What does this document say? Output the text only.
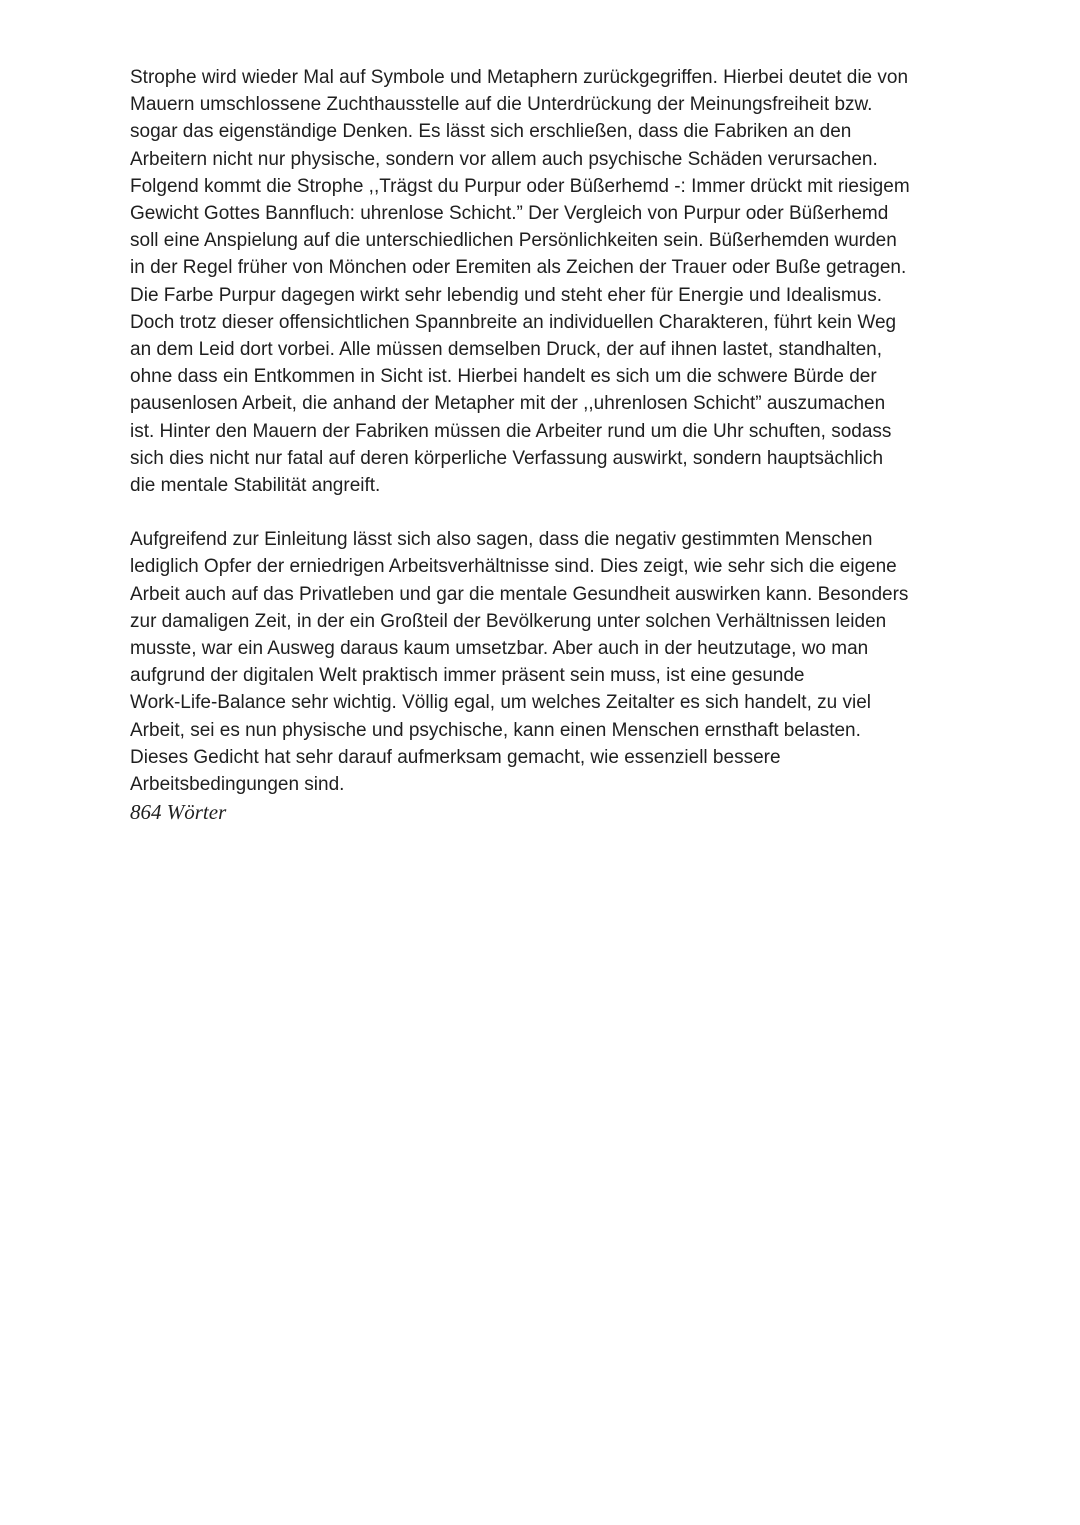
Strophe wird wieder Mal auf Symbole und Metaphern zurückgegriffen. Hierbei deutet die von
Mauern umschlossene Zuchthausstelle auf die Unterdrückung der Meinungsfreiheit bzw.
sogar das eigenständige Denken. Es lässt sich erschließen, dass die Fabriken an den
Arbeitern nicht nur physische, sondern vor allem auch psychische Schäden verursachen.
Folgend kommt die Strophe ,,Trägst du Purpur oder Büßerhemd -: Immer drückt mit riesigem
Gewicht Gottes Bannfluch: uhrenlose Schicht.” Der Vergleich von Purpur oder Büßerhemd
soll eine Anspielung auf die unterschiedlichen Persönlichkeiten sein. Büßerhemden wurden
in der Regel früher von Mönchen oder Eremiten als Zeichen der Trauer oder Buße getragen.
Die Farbe Purpur dagegen wirkt sehr lebendig und steht eher für Energie und Idealismus.
Doch trotz dieser offensichtlichen Spannbreite an individuellen Charakteren, führt kein Weg
an dem Leid dort vorbei. Alle müssen demselben Druck, der auf ihnen lastet, standhalten,
ohne dass ein Entkommen in Sicht ist. Hierbei handelt es sich um die schwere Bürde der
pausenlosen Arbeit, die anhand der Metapher mit der ,,uhrenlosen Schicht” auszumachen
ist. Hinter den Mauern der Fabriken müssen die Arbeiter rund um die Uhr schuften, sodass
sich dies nicht nur fatal auf deren körperliche Verfassung auswirkt, sondern hauptsächlich
die mentale Stabilität angreift.
Aufgreifend zur Einleitung lässt sich also sagen, dass die negativ gestimmten Menschen
lediglich Opfer der erniedrigen Arbeitsverhältnisse sind. Dies zeigt, wie sehr sich die eigene
Arbeit auch auf das Privatleben und gar die mentale Gesundheit auswirken kann. Besonders
zur damaligen Zeit, in der ein Großteil der Bevölkerung unter solchen Verhältnissen leiden
musste, war ein Ausweg daraus kaum umsetzbar. Aber auch in der heutzutage, wo man
aufgrund der digitalen Welt praktisch immer präsent sein muss, ist eine gesunde
Work-Life-Balance sehr wichtig. Völlig egal, um welches Zeitalter es sich handelt, zu viel
Arbeit, sei es nun physische und psychische, kann einen Menschen ernsthaft belasten.
Dieses Gedicht hat sehr darauf aufmerksam gemacht, wie essenziell bessere
Arbeitsbedingungen sind.
864 Wörter
